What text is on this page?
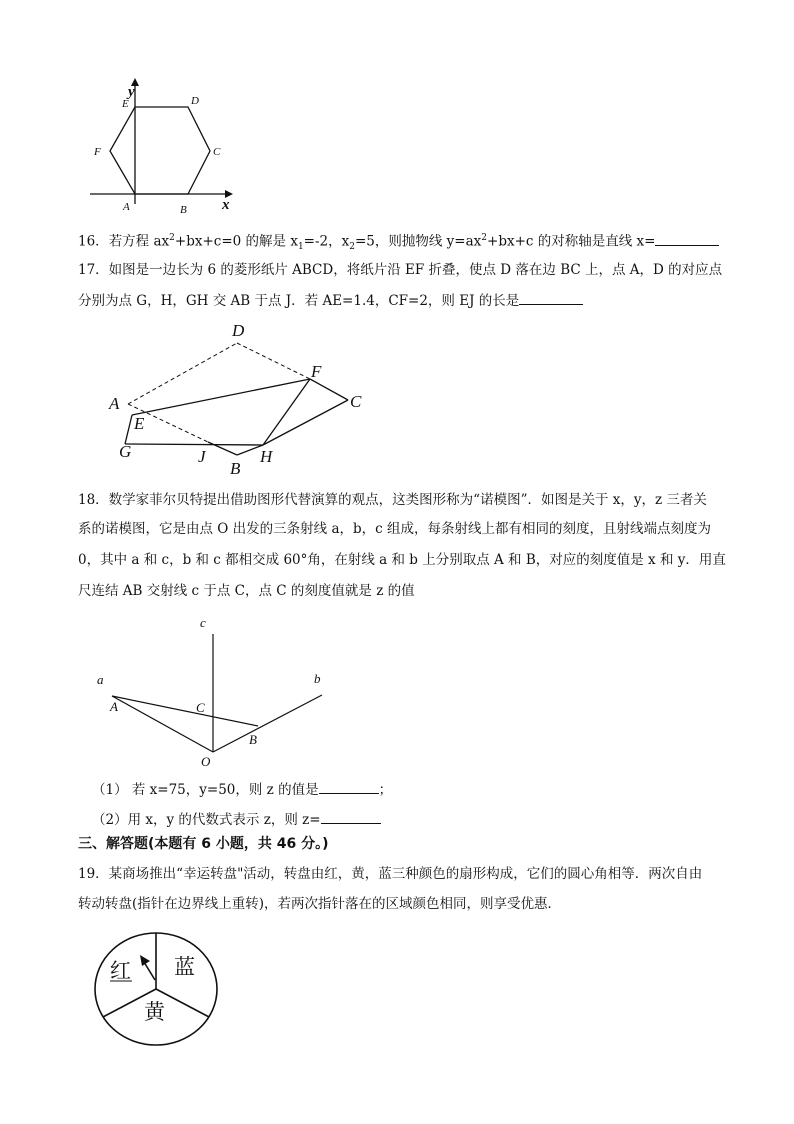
y
x
E	D
F	C
A	B
16．若方程 $ax^2+bx+c=0$ 的解是 $x_1=-2$，$x_2=5$，则抛物线 $y=ax^2+bx+c$ 的对称轴是直线 x=
17．如图是一边长为 6 的菱形纸片 ABCD，将纸片沿 EF 折叠，使点 D 落在边 BC 上，点 A，D 的对应点
分别为点 G，H，GH 交 AB 于点 J．若 AE=1.4，CF=2，则 EJ 的长是
D
F
A	C
E
G	J
B
H
18．数学家菲尔贝特提出借助图形代替演算的观点，这类图形称为“诺模图”．如图是关于 x，y，z 三者关
系的诺模图，它是由点 O 出发的三条射线 a，b，c 组成，每条射线上都有相同的刻度，且射线端点刻度为
0，其中 a 和 c，b 和 c 都相交成 60°角，在射线 a 和 b 上分别取点 A 和 B，对应的刻度值是 x 和 y．用直
尺连结 AB 交射线 c 于点 C，点 C 的刻度值就是 z 的值
c
a	b
A	C
B
O
（1） 若 x=75，y=50，则 z 的值是	；
（2）用 x，y 的代数式表示 z，则 z=
三、解答题(本题有 6 小题，共 46 分。)
19．某商场推出“幸运转盘"活动，转盘由红，黄，蓝三种颜色的扇形构成，它们的圆心角相等．两次自由
转动转盘(指针在边界线上重转)，若两次指针落在的区域颜色相同，则享受优惠．
红 蓝
黄
